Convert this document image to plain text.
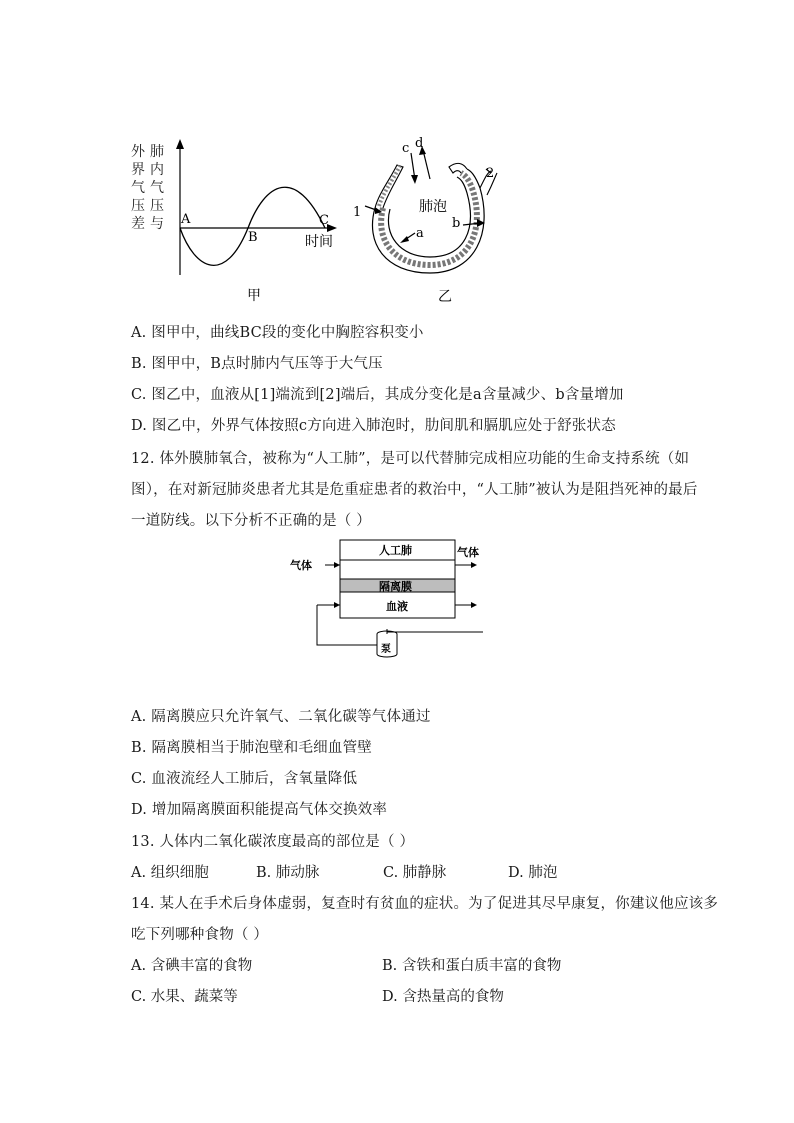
外
界
气
压
差
肺
内
气
压
与 A
B
C
时间
甲
c d
1
2
肺泡
a
b
乙
A. 图甲中，曲线BC段的变化中胸腔容积变小
B. 图甲中，B点时肺内气压等于大气压
C. 图乙中，血液从[1]端流到[2]端后，其成分变化是a含量减少、b含量增加
D. 图乙中，外界气体按照c方向进入肺泡时，肋间肌和膈肌应处于舒张状态
12. 体外膜肺氧合，被称为“人工肺”，是可以代替肺完成相应功能的生命支持系统（如
图），在对新冠肺炎患者尤其是危重症患者的救治中，“人工肺”被认为是阻挡死神的最后
一道防线。以下分析不正确的是（ ）
人工肺
气体
气体
隔离膜
血液
泵
A. 隔离膜应只允许氧气、二氧化碳等气体通过
B. 隔离膜相当于肺泡壁和毛细血管壁
C. 血液流经人工肺后，含氧量降低
D. 增加隔离膜面积能提高气体交换效率
13. 人体内二氧化碳浓度最高的部位是（ ）
A. 组织细胞	B. 肺动脉	C. 肺静脉	D. 肺泡
14. 某人在手术后身体虚弱，复查时有贫血的症状。为了促进其尽早康复，你建议他应该多
吃下列哪种食物（ ）
A. 含碘丰富的食物	B. 含铁和蛋白质丰富的食物
C. 水果、蔬菜等	D. 含热量高的食物
